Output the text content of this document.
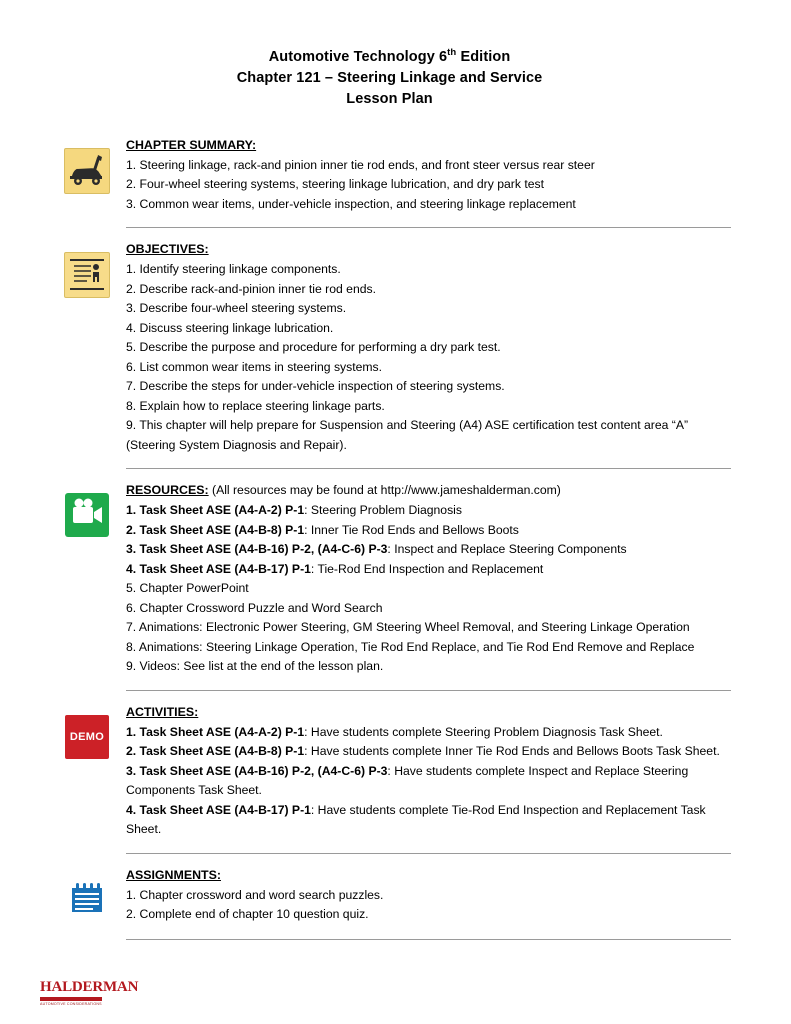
Automotive Technology 6th Edition
Chapter 121 – Steering Linkage and Service
Lesson Plan
CHAPTER SUMMARY:

1. Steering linkage, rack-and pinion inner tie rod ends, and front steer versus rear steer

2. Four-wheel steering systems, steering linkage lubrication, and dry park test

3. Common wear items, under-vehicle inspection, and steering linkage replacement

OBJECTIVES:

1. Identify steering linkage components.

2. Describe rack-and-pinion inner tie rod ends.

3. Describe four-wheel steering systems.

4. Discuss steering linkage lubrication.

5. Describe the purpose and procedure for performing a dry park test.

6. List common wear items in steering systems.

7. Describe the steps for under-vehicle inspection of steering systems.

8. Explain how to replace steering linkage parts.

9. This chapter will help prepare for Suspension and Steering (A4) ASE certification test content area “A”

(Steering System Diagnosis and Repair).

RESOURCES: (All resources may be found at http://www.jameshalderman.com)

1. Task Sheet ASE (A4-A-2) P-1: Steering Problem Diagnosis

2. Task Sheet ASE (A4-B-8) P-1: Inner Tie Rod Ends and Bellows Boots

3. Task Sheet ASE (A4-B-16) P-2, (A4-C-6) P-3: Inspect and Replace Steering Components

4. Task Sheet ASE (A4-B-17) P-1: Tie-Rod End Inspection and Replacement

5. Chapter PowerPoint

6. Chapter Crossword Puzzle and Word Search

7. Animations: Electronic Power Steering, GM Steering Wheel Removal, and Steering Linkage Operation

8. Animations: Steering Linkage Operation, Tie Rod End Replace, and Tie Rod End Remove and Replace

9. Videos: See list at the end of the lesson plan.

DEMO
ACTIVITIES:

1. Task Sheet ASE (A4-A-2) P-1: Have students complete Steering Problem Diagnosis Task Sheet.

2. Task Sheet ASE (A4-B-8) P-1: Have students complete Inner Tie Rod Ends and Bellows Boots Task Sheet.

3. Task Sheet ASE (A4-B-16) P-2, (A4-C-6) P-3: Have students complete Inspect and Replace Steering

Components Task Sheet.

4. Task Sheet ASE (A4-B-17) P-1: Have students complete Tie-Rod End Inspection and Replacement Task

Sheet.

ASSIGNMENTS:

1. Chapter crossword and word search puzzles.

2. Complete end of chapter 10 question quiz.

HALDERMAN
AUTOMOTIVE CONSIDERATIONS
